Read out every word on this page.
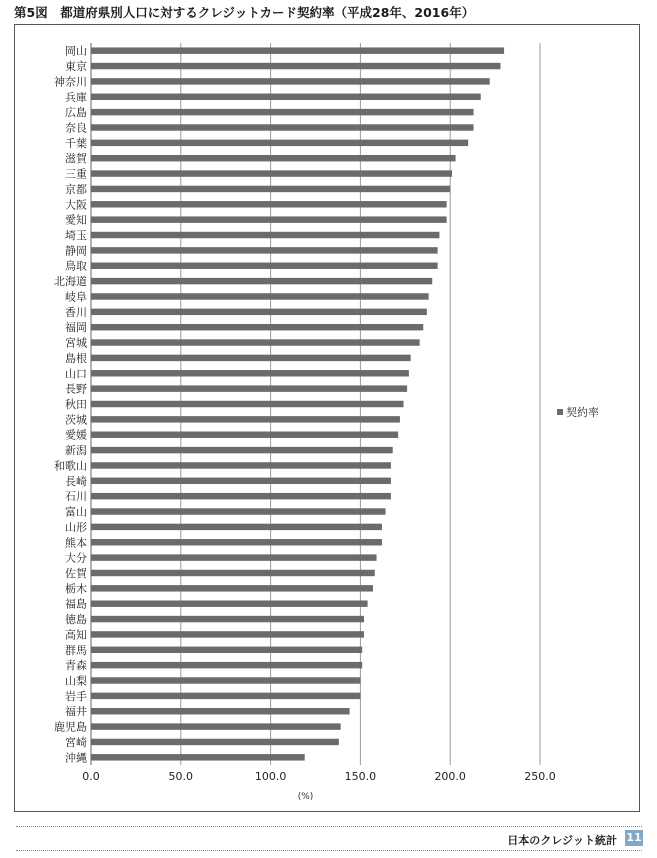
第5図　都道府県別人口に対するクレジットカード契約率（平成28年、2016年）
0.0	50.0	100.0	150.0	200.0	250.0
(%)
岡山
東京
神奈川
兵庫
広島
奈良
千葉
滋賀
三重
京都
大阪
愛知
埼玉
静岡
鳥取
北海道
岐阜
香川
福岡
宮城
島根
山口
長野
秋田
茨城
愛媛
新潟
和歌山
長崎
石川
富山
山形
熊本
大分
佐賀
栃木
福島
徳島
高知
群馬
青森
山梨
岩手
福井
鹿児島
宮崎
沖縄
契約率
日本のクレジット統計 11
